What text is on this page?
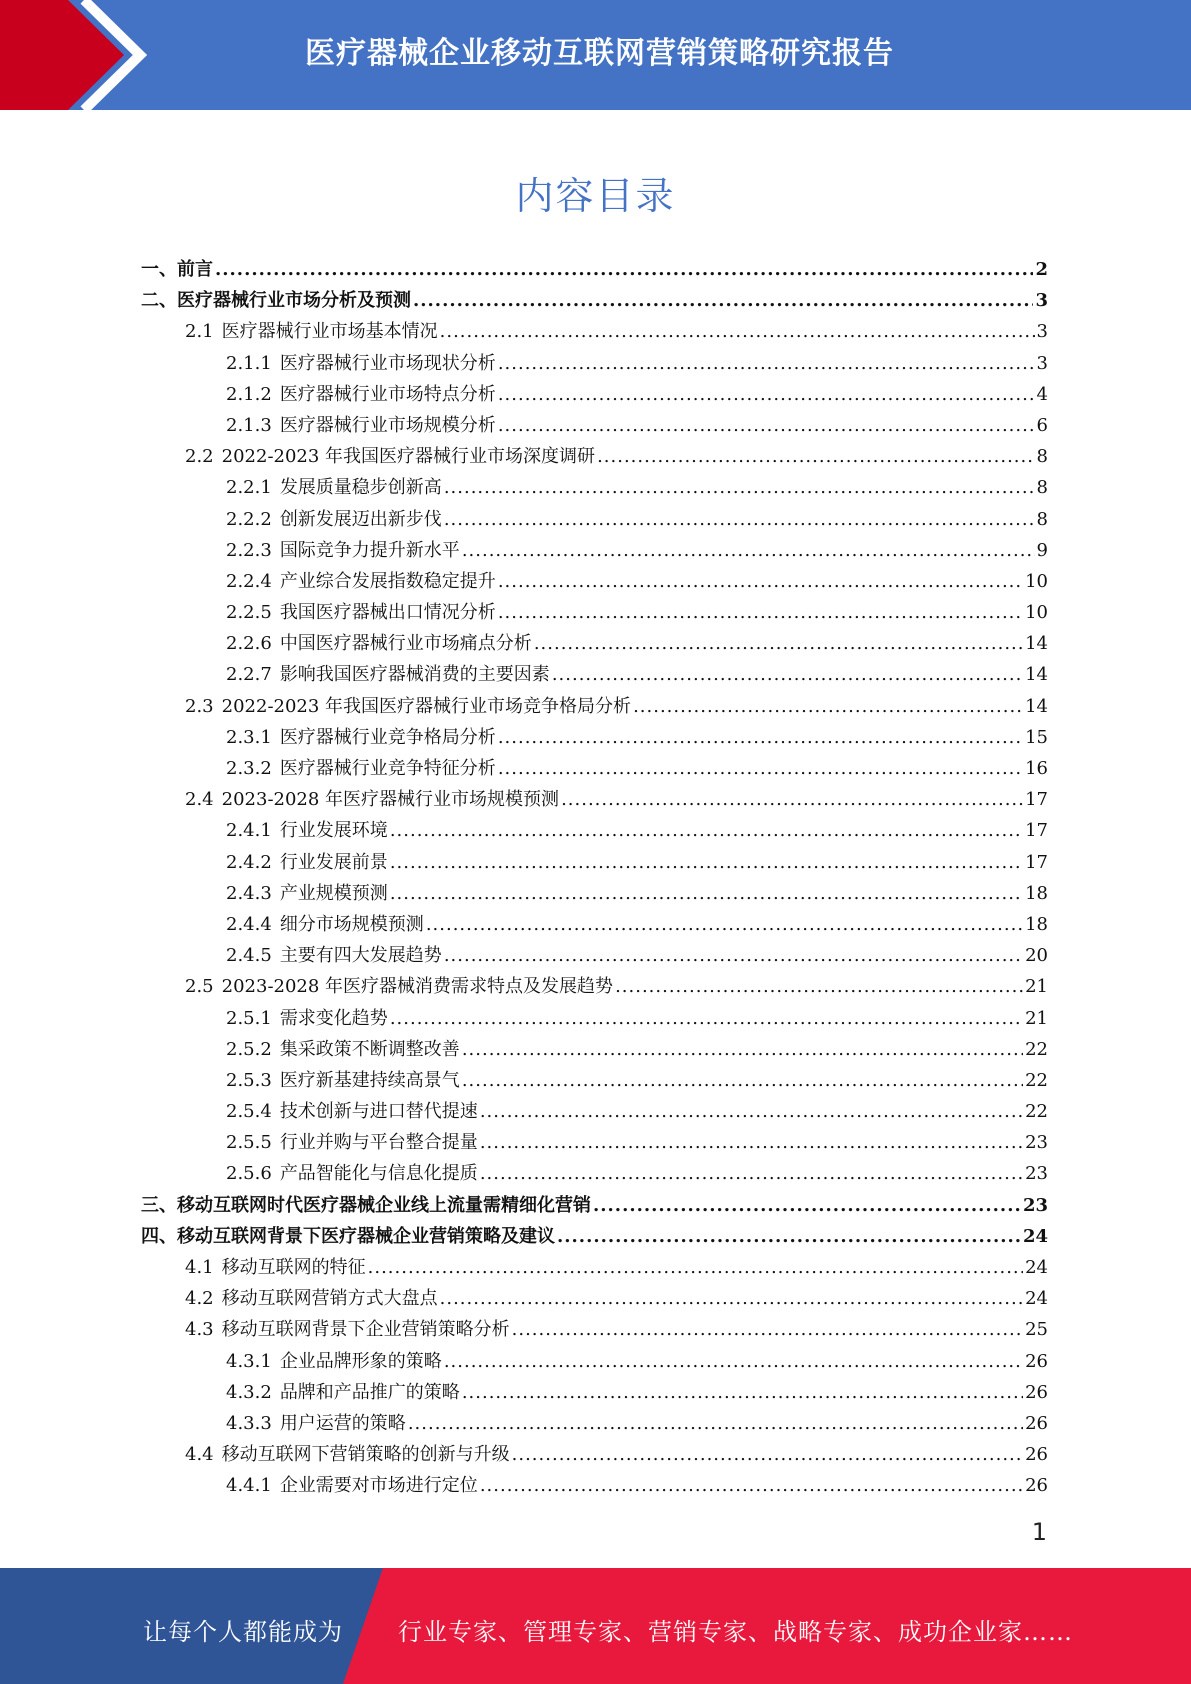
医疗器械企业移动互联网营销策略研究报告
内容目录
一、 前言 .....	2
二、 医疗器械行业市场分析及预测 .....	3
2.1 医疗器械行业市场基本情况 .....	3
2.1.1 医疗器械行业市场现状分析 .....	3
2.1.2 医疗器械行业市场特点分析 .....	4
2.1.3 医疗器械行业市场规模分析 .....	6
2.2 2022-2023 年我国医疗器械行业市场深度调研 .....	8
2.2.1 发展质量稳步创新高 .....	8
2.2.2 创新发展迈出新步伐 .....	8
2.2.3 国际竞争力提升新水平 .....	9
2.2.4 产业综合发展指数稳定提升 .....	10
2.2.5 我国医疗器械出口情况分析 .....	10
2.2.6 中国医疗器械行业市场痛点分析 .....	14
2.2.7 影响我国医疗器械消费的主要因素 .....	14
2.3 2022-2023 年我国医疗器械行业市场竞争格局分析 .....	14
2.3.1 医疗器械行业竞争格局分析 .....	15
2.3.2 医疗器械行业竞争特征分析 .....	16
2.4 2023-2028 年医疗器械行业市场规模预测 .....	17
2.4.1 行业发展环境 .....	17
2.4.2 行业发展前景 .....	17
2.4.3 产业规模预测 .....	18
2.4.4 细分市场规模预测 .....	18
2.4.5 主要有四大发展趋势 .....	20
2.5 2023-2028 年医疗器械消费需求特点及发展趋势 .....	21
2.5.1 需求变化趋势 .....	21
2.5.2 集采政策不断调整改善 .....	22
2.5.3 医疗新基建持续高景气 .....	22
2.5.4 技术创新与进口替代提速 .....	22
2.5.5 行业并购与平台整合提量 .....	23
2.5.6 产品智能化与信息化提质 .....	23
三、 移动互联网时代医疗器械企业线上流量需精细化营销 .....	23
四、 移动互联网背景下医疗器械企业营销策略及建议 .....	24
4.1 移动互联网的特征 .....	24
4.2 移动互联网营销方式大盘点 .....	24
4.3 移动互联网背景下企业营销策略分析 .....	25
4.3.1 企业品牌形象的策略 .....	26
4.3.2 品牌和产品推广的策略 .....	26
4.3.3 用户运营的策略 .....	26
4.4 移动互联网下营销策略的创新与升级 .....	26
4.4.1 企业需要对市场进行定位 .....	26
1
让每个人都能成为 行业专家、管理专家、营销专家、战略专家、成功企业家……
